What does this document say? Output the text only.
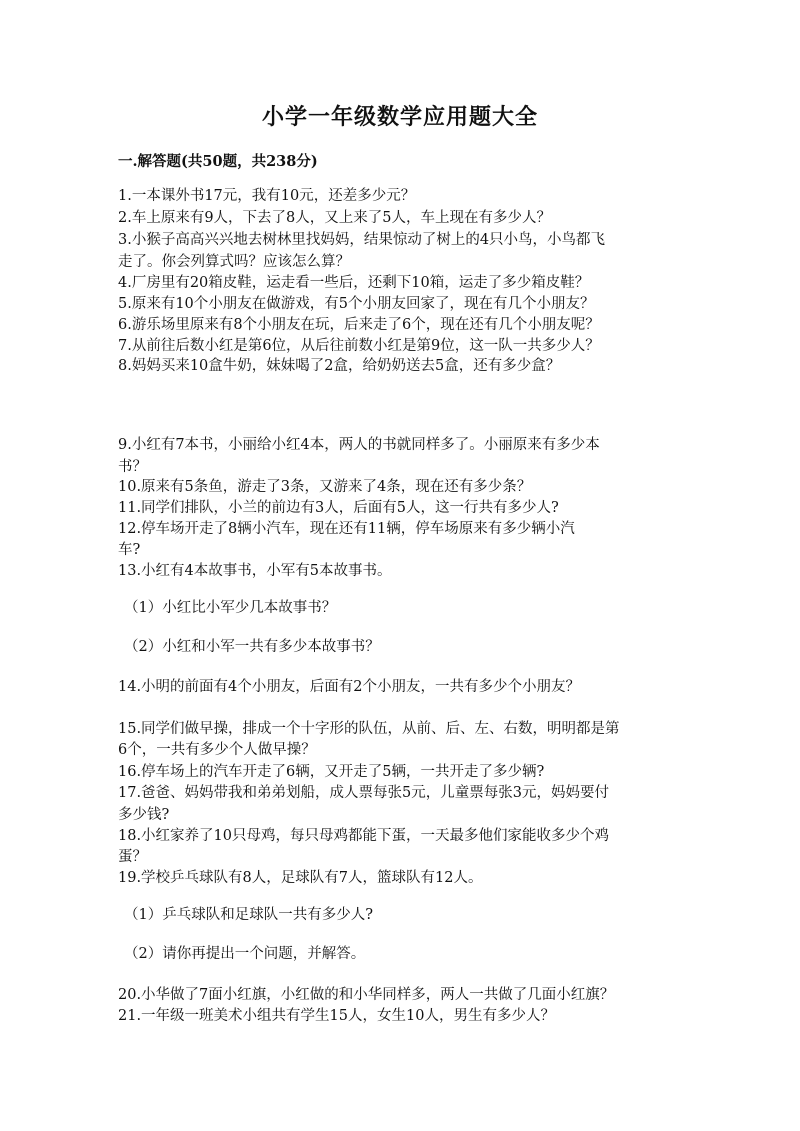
小学一年级数学应用题大全
一.解答题(共50题，共238分)
1.一本课外书17元，我有10元，还差多少元？
2.车上原来有9人，下去了8人，又上来了5人，车上现在有多少人？
3.小猴子高高兴兴地去树林里找妈妈，结果惊动了树上的4只小鸟，小鸟都飞
走了。你会列算式吗？应该怎么算？
4.厂房里有20箱皮鞋，运走看一些后，还剩下10箱，运走了多少箱皮鞋？
5.原来有10个小朋友在做游戏，有5个小朋友回家了，现在有几个小朋友？
6.游乐场里原来有8个小朋友在玩，后来走了6个，现在还有几个小朋友呢？
7.从前往后数小红是第6位，从后往前数小红是第9位，这一队一共多少人？
8.妈妈买来10盒牛奶，妹妹喝了2盒，给奶奶送去5盒，还有多少盒？
9.小红有7本书，小丽给小红4本，两人的书就同样多了。小丽原来有多少本
书？
10.原来有5条鱼，游走了3条，又游来了4条，现在还有多少条？
11.同学们排队，小兰的前边有3人，后面有5人，这一行共有多少人?
12.停车场开走了8辆小汽车，现在还有11辆，停车场原来有多少辆小汽
车?
13.小红有4本故事书，小军有5本故事书。
（1）小红比小军少几本故事书？
（2）小红和小军一共有多少本故事书？
14.小明的前面有4个小朋友，后面有2个小朋友，一共有多少个小朋友？
15.同学们做早操，排成一个十字形的队伍，从前、后、左、右数，明明都是第
6个，一共有多少个人做早操？
16.停车场上的汽车开走了6辆，又开走了5辆，一共开走了多少辆?
17.爸爸、妈妈带我和弟弟划船，成人票每张5元，儿童票每张3元，妈妈要付
多少钱?
18.小红家养了10只母鸡，每只母鸡都能下蛋，一天最多他们家能收多少个鸡
蛋？
19.学校乒乓球队有8人，足球队有7人，篮球队有12人。
（1）乒乓球队和足球队一共有多少人?
（2）请你再提出一个问题，并解答。
20.小华做了7面小红旗，小红做的和小华同样多，两人一共做了几面小红旗？
21.一年级一班美术小组共有学生15人，女生10人，男生有多少人？
